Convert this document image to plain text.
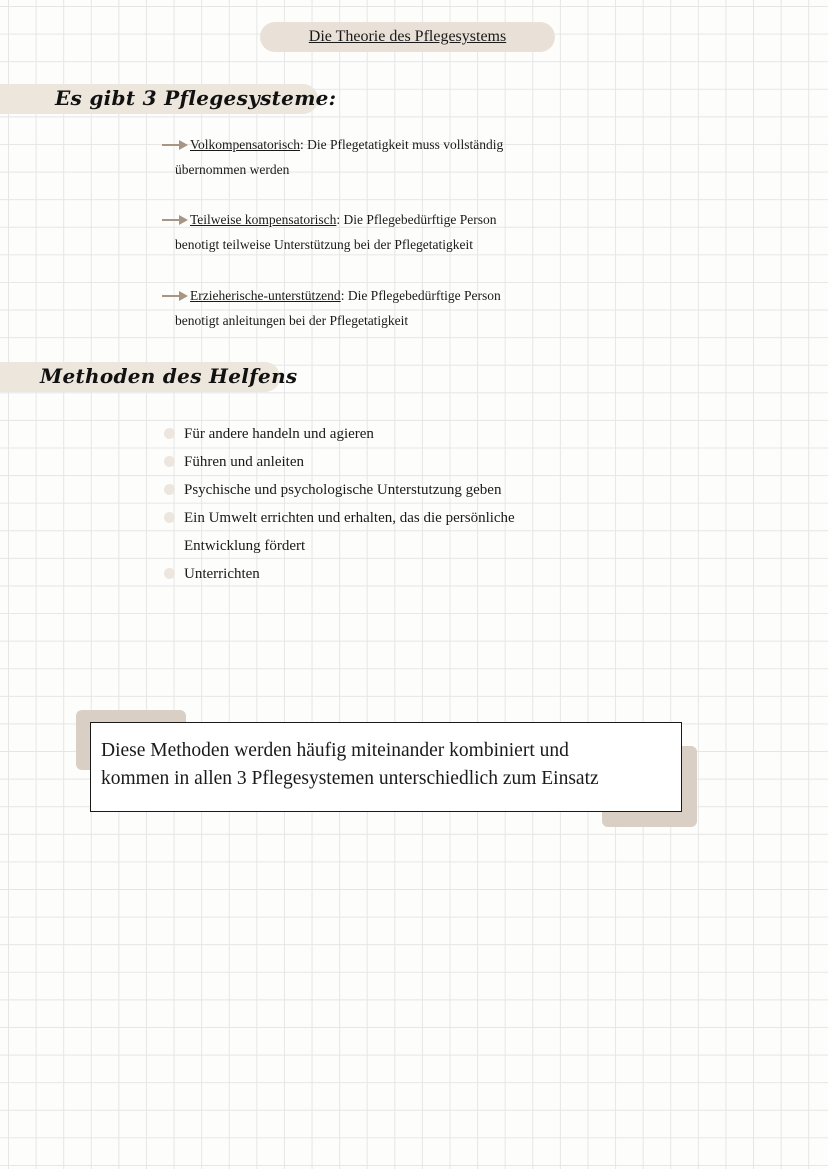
Die Theorie des Pflegesystems
Es gibt 3 Pflegesysteme:
Volkompensatorisch : Die Pflegetatigkeit muss vollständig
übernommen werden
Teilweise kompensatorisch : Die Pflegebedürftige Person
benotigt teilweise Unterstützung bei der Pflegetatigkeit
Erzieherische-unterstützend : Die Pflegebedürftige Person
benotigt anleitungen bei der Pflegetatigkeit
Methoden des Helfens
Für andere handeln und agieren
Führen und anleiten
Psychische und psychologische Unterstutzung geben
Ein Umwelt errichten und erhalten, das die persönliche Entwicklung fördert
Unterrichten
Diese Methoden werden häufig miteinander kombiniert und
kommen in allen 3 Pflegesystemen unterschiedlich zum Einsatz
